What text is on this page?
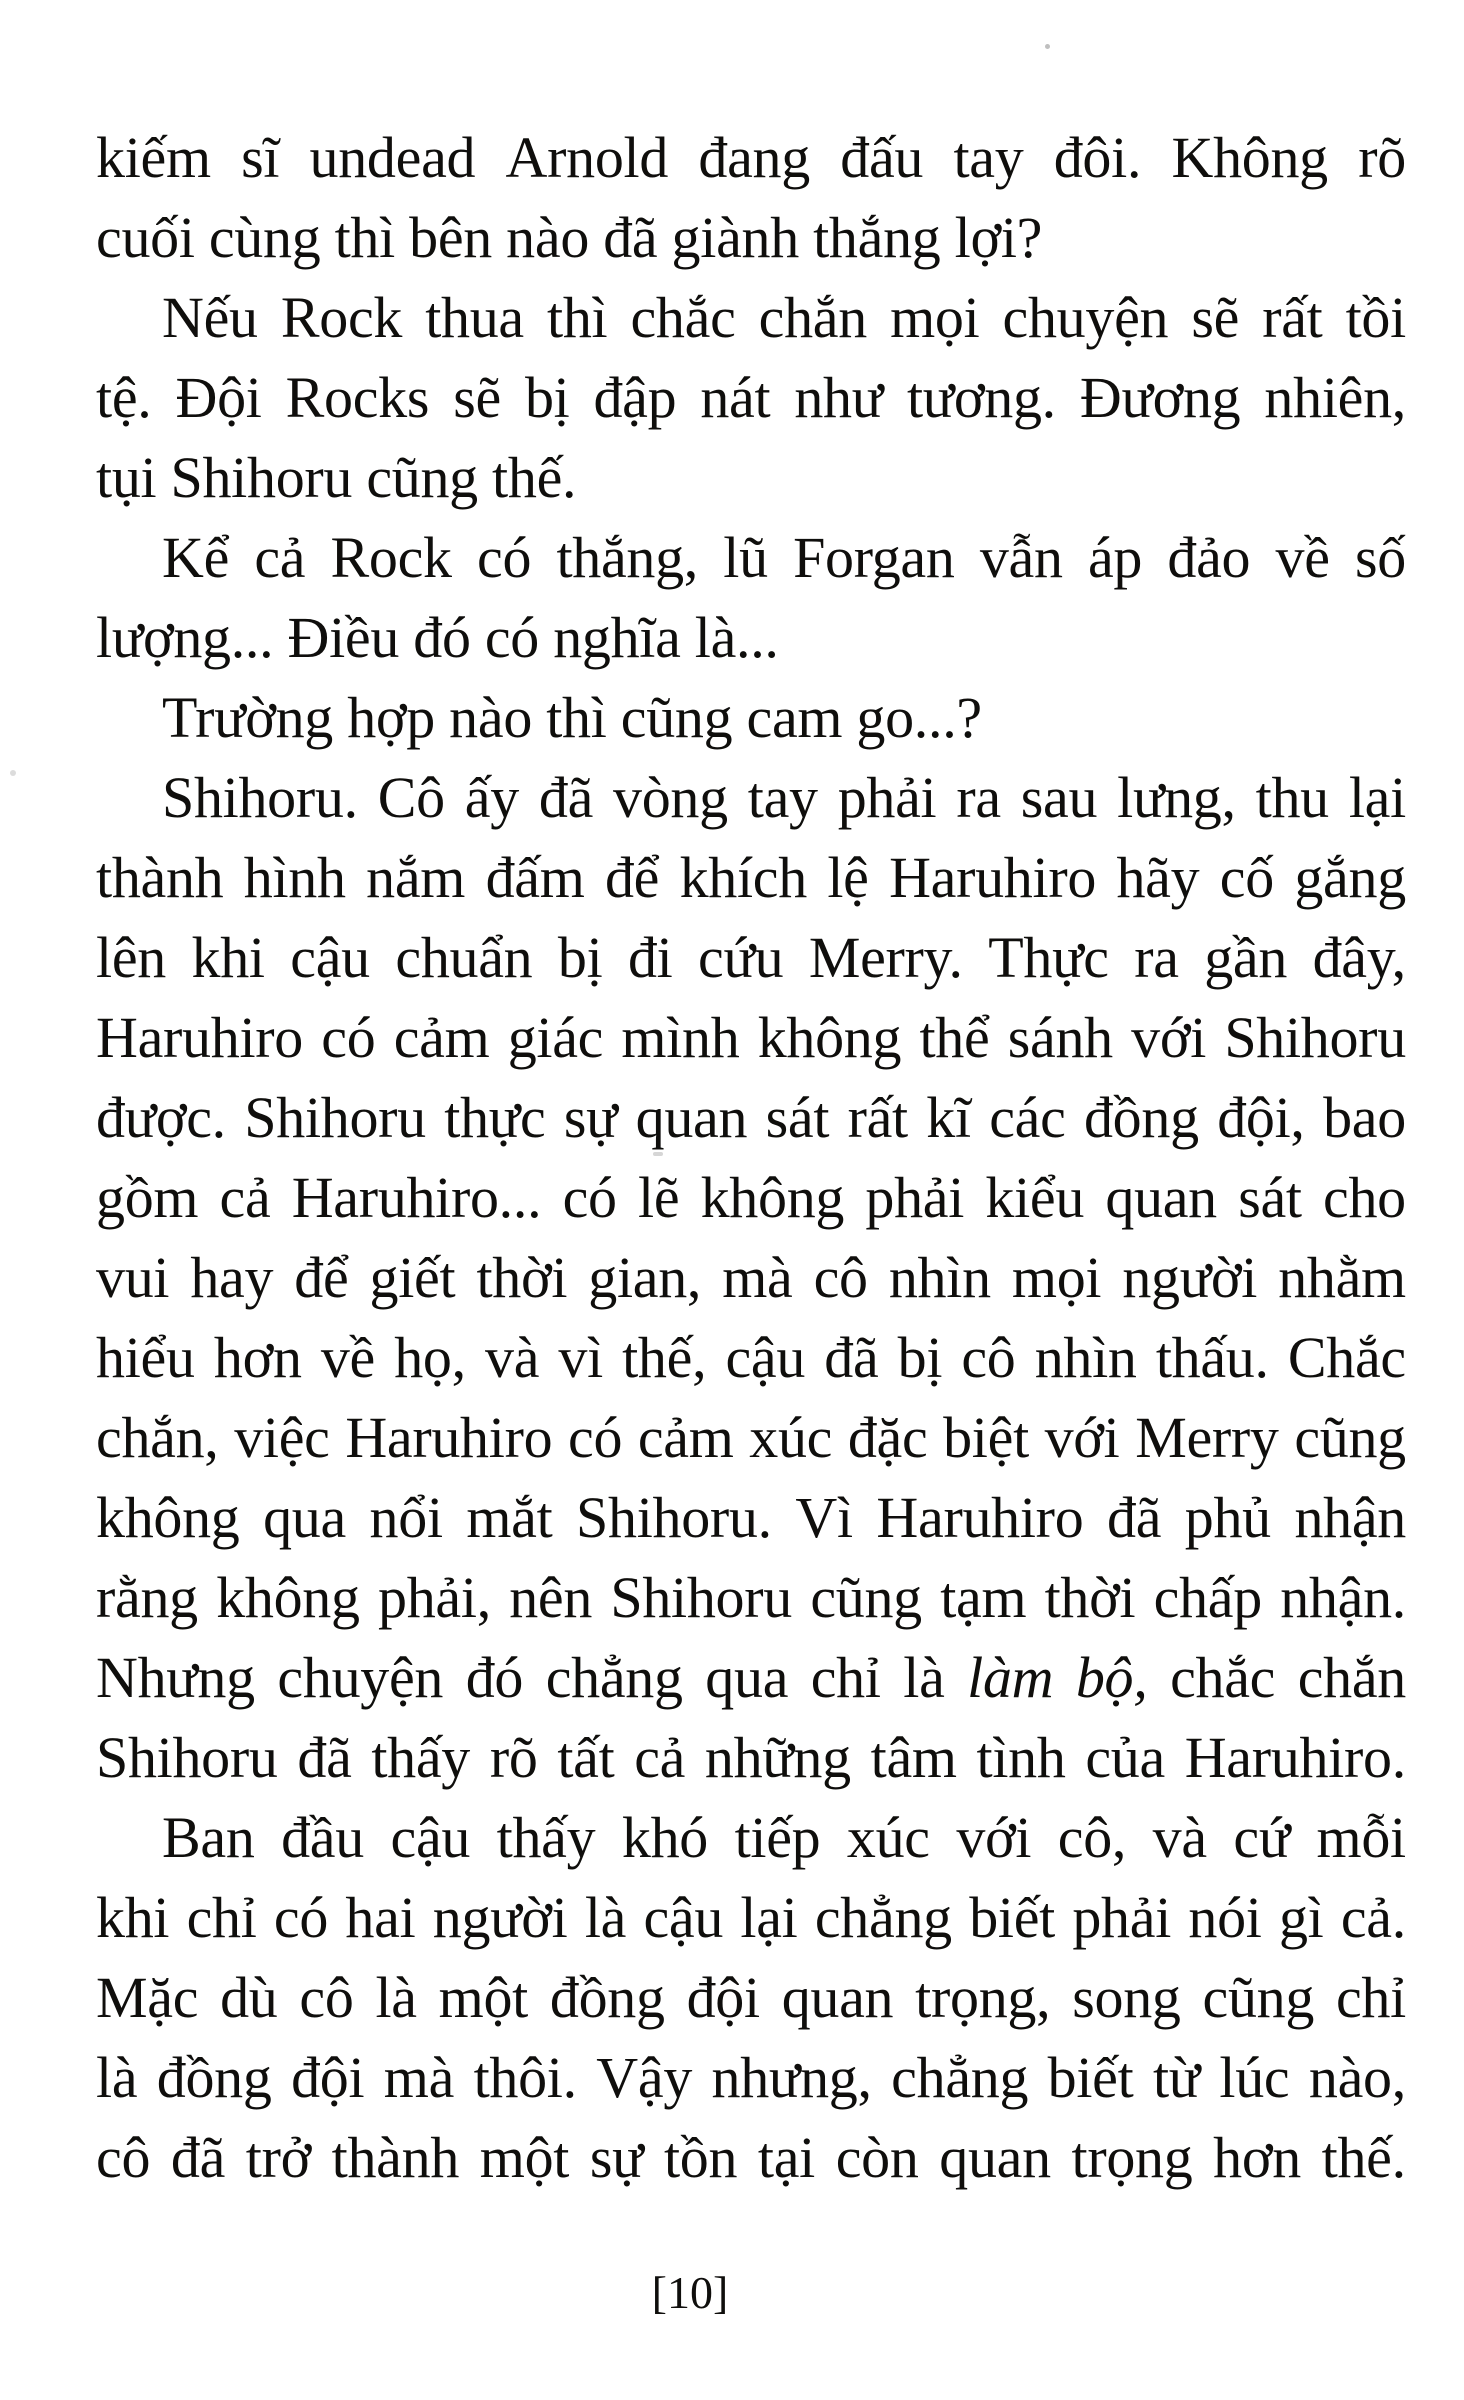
kiếm sĩ undead Arnold đang đấu tay đôi. Không rõ
cuối cùng thì bên nào đã giành thắng lợi?
Nếu Rock thua thì chắc chắn mọi chuyện sẽ rất tồi
tệ. Đội Rocks sẽ bị đập nát như tương. Đương nhiên,
tụi Shihoru cũng thế.
Kể cả Rock có thắng, lũ Forgan vẫn áp đảo về số
lượng... Điều đó có nghĩa là...
Trường hợp nào thì cũng cam go...?
Shihoru. Cô ấy đã vòng tay phải ra sau lưng, thu lại
thành hình nắm đấm để khích lệ Haruhiro hãy cố gắng
lên khi cậu chuẩn bị đi cứu Merry. Thực ra gần đây,
Haruhiro có cảm giác mình không thể sánh với Shihoru
được. Shihoru thực sự quan sát rất kĩ các đồng đội, bao
gồm cả Haruhiro... có lẽ không phải kiểu quan sát cho
vui hay để giết thời gian, mà cô nhìn mọi người nhằm
hiểu hơn về họ, và vì thế, cậu đã bị cô nhìn thấu. Chắc
chắn, việc Haruhiro có cảm xúc đặc biệt với Merry cũng
không qua nổi mắt Shihoru. Vì Haruhiro đã phủ nhận
rằng không phải, nên Shihoru cũng tạm thời chấp nhận.
Nhưng chuyện đó chẳng qua chỉ là làm bộ, chắc chắn
Shihoru đã thấy rõ tất cả những tâm tình của Haruhiro.
Ban đầu cậu thấy khó tiếp xúc với cô, và cứ mỗi
khi chỉ có hai người là cậu lại chẳng biết phải nói gì cả.
Mặc dù cô là một đồng đội quan trọng, song cũng chỉ
là đồng đội mà thôi. Vậy nhưng, chẳng biết từ lúc nào,
cô đã trở thành một sự tồn tại còn quan trọng hơn thế.
[10]
